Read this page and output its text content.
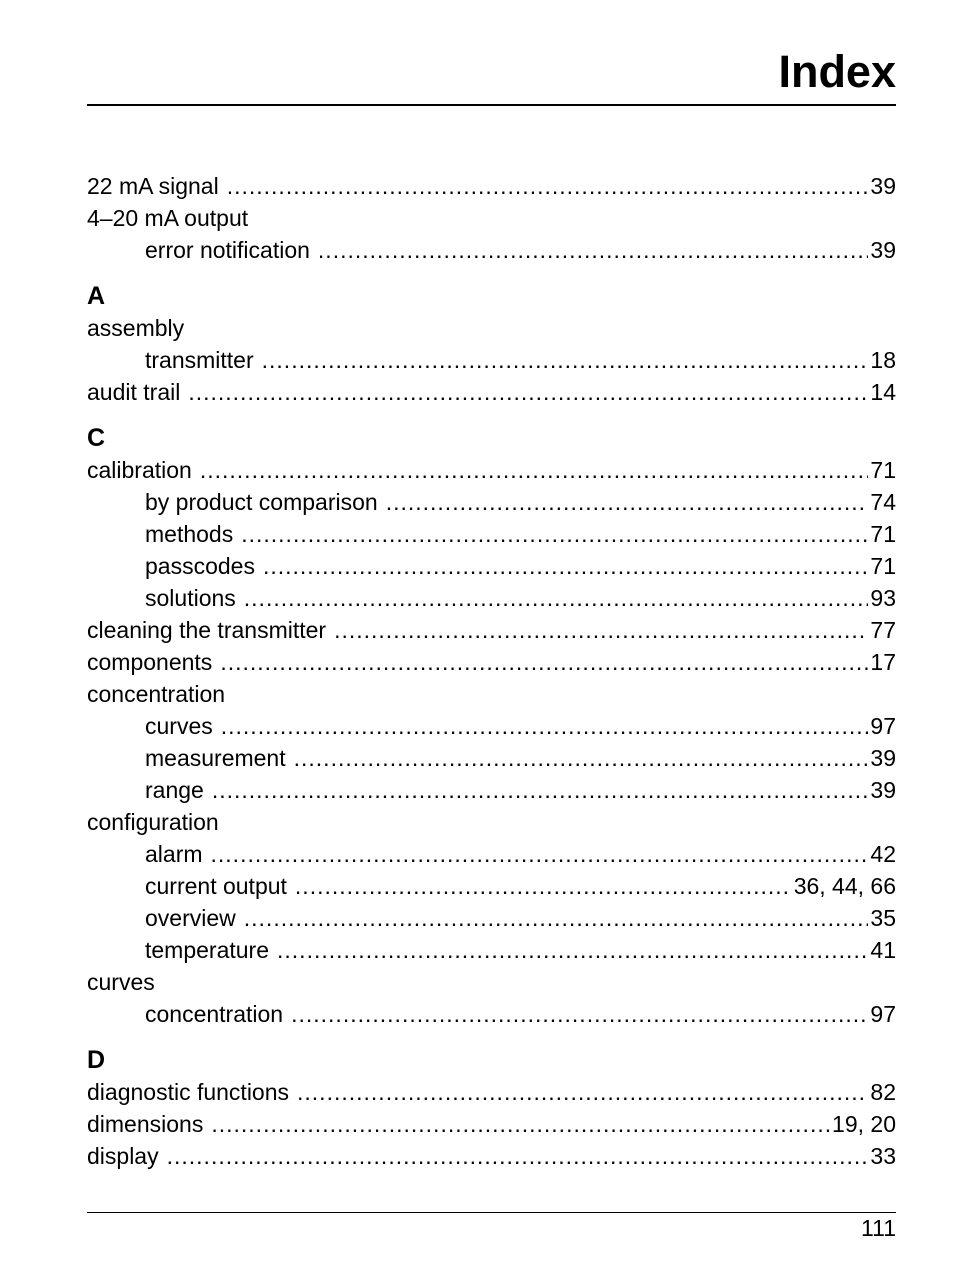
Index
22 mA signal .....	39
4–20 mA output
error notification .....	39
A
assembly
transmitter .....	18
audit trail .....	14
C
calibration .....	71
by product comparison .....	74
methods .....	71
passcodes .....	71
solutions .....	93
cleaning the transmitter .....	77
components .....	17
concentration
curves .....	97
measurement .....	39
range .....	39
configuration
alarm .....	42
current output .....	36, 44, 66
overview .....	35
temperature .....	41
curves
concentration .....	97
D
diagnostic functions .....	82
dimensions .....	19, 20
display .....	33
111
